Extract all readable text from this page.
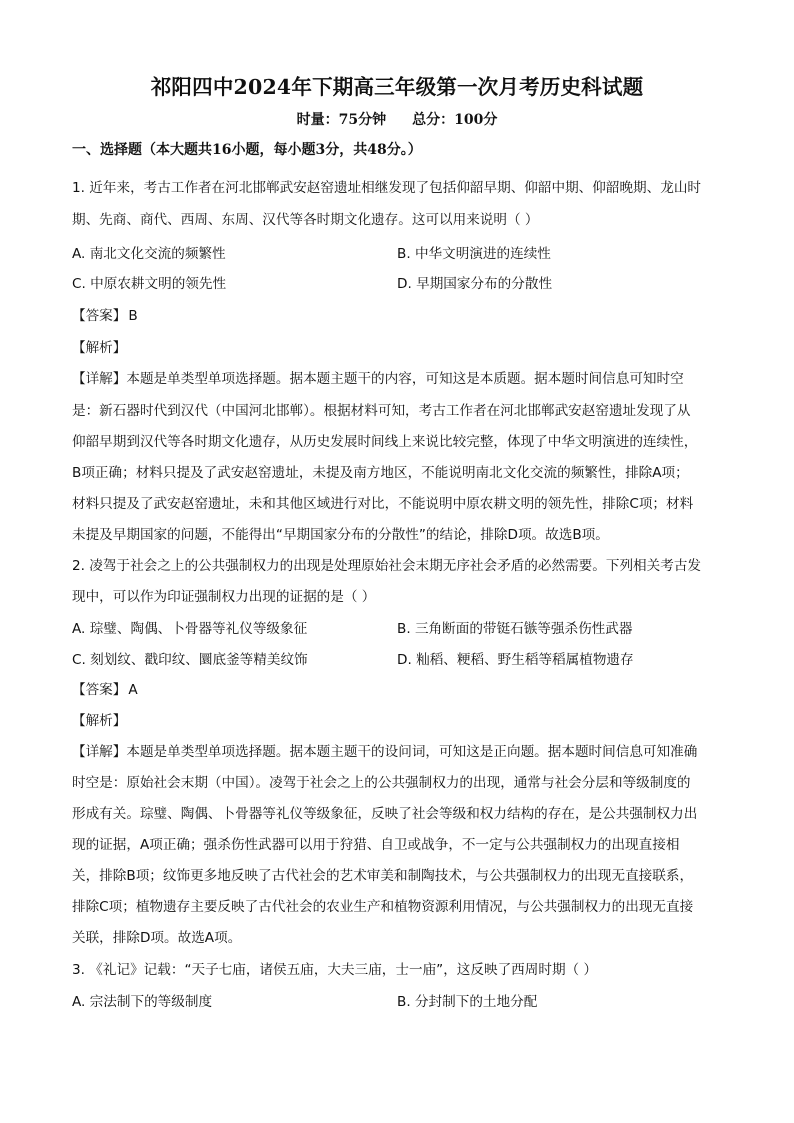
祁阳四中2024年下期高三年级第一次月考历史科试题
时量：75分钟 总分：100分
一、选择题（本大题共16小题，每小题3分，共48分。）
1. 近年来，考古工作者在河北邯郸武安赵窑遗址相继发现了包括仰韶早期、仰韶中期、仰韶晚期、龙山时
期、先商、商代、西周、东周、汉代等各时期文化遗存。这可以用来说明（ ）
A. 南北文化交流的频繁性	B. 中华文明演进的连续性
C. 中原农耕文明的领先性	D. 早期国家分布的分散性
【答案】 B
【解析】
【详解】本题是单类型单项选择题。据本题主题干的内容，可知这是本质题。据本题时间信息可知时空
是：新石器时代到汉代（中国河北邯郸）。根据材料可知，考古工作者在河北邯郸武安赵窑遗址发现了从
仰韶早期到汉代等各时期文化遗存，从历史发展时间线上来说比较完整，体现了中华文明演进的连续性，
B项正确；材料只提及了武安赵窑遗址，未提及南方地区，不能说明南北文化交流的频繁性，排除A项；
材料只提及了武安赵窑遗址，未和其他区域进行对比，不能说明中原农耕文明的领先性，排除C项；材料
未提及早期国家的问题，不能得出“早期国家分布的分散性”的结论，排除D项。故选B项。
2. 凌驾于社会之上的公共强制权力的出现是处理原始社会末期无序社会矛盾的必然需要。下列相关考古发
现中，可以作为印证强制权力出现的证据的是（ ）
A. 琮璧、陶偶、卜骨器等礼仪等级象征	B. 三角断面的带铤石镞等强杀伤性武器
C. 刻划纹、戳印纹、圜底釜等精美纹饰	D. 籼稻、粳稻、野生稻等稻属植物遗存
【答案】 A
【解析】
【详解】本题是单类型单项选择题。据本题主题干的设问词，可知这是正向题。据本题时间信息可知准确
时空是：原始社会末期（中国）。凌驾于社会之上的公共强制权力的出现，通常与社会分层和等级制度的
形成有关。琮璧、陶偶、卜骨器等礼仪等级象征，反映了社会等级和权力结构的存在，是公共强制权力出
现的证据，A项正确；强杀伤性武器可以用于狩猎、自卫或战争，不一定与公共强制权力的出现直接相
关，排除B项；纹饰更多地反映了古代社会的艺术审美和制陶技术，与公共强制权力的出现无直接联系，
排除C项；植物遗存主要反映了古代社会的农业生产和植物资源利用情况，与公共强制权力的出现无直接
关联，排除D项。故选A项。
3. 《礼记》记载：“天子七庙，诸侯五庙，大夫三庙，士一庙”，这反映了西周时期（ ）
A. 宗法制下的等级制度	B. 分封制下的土地分配
